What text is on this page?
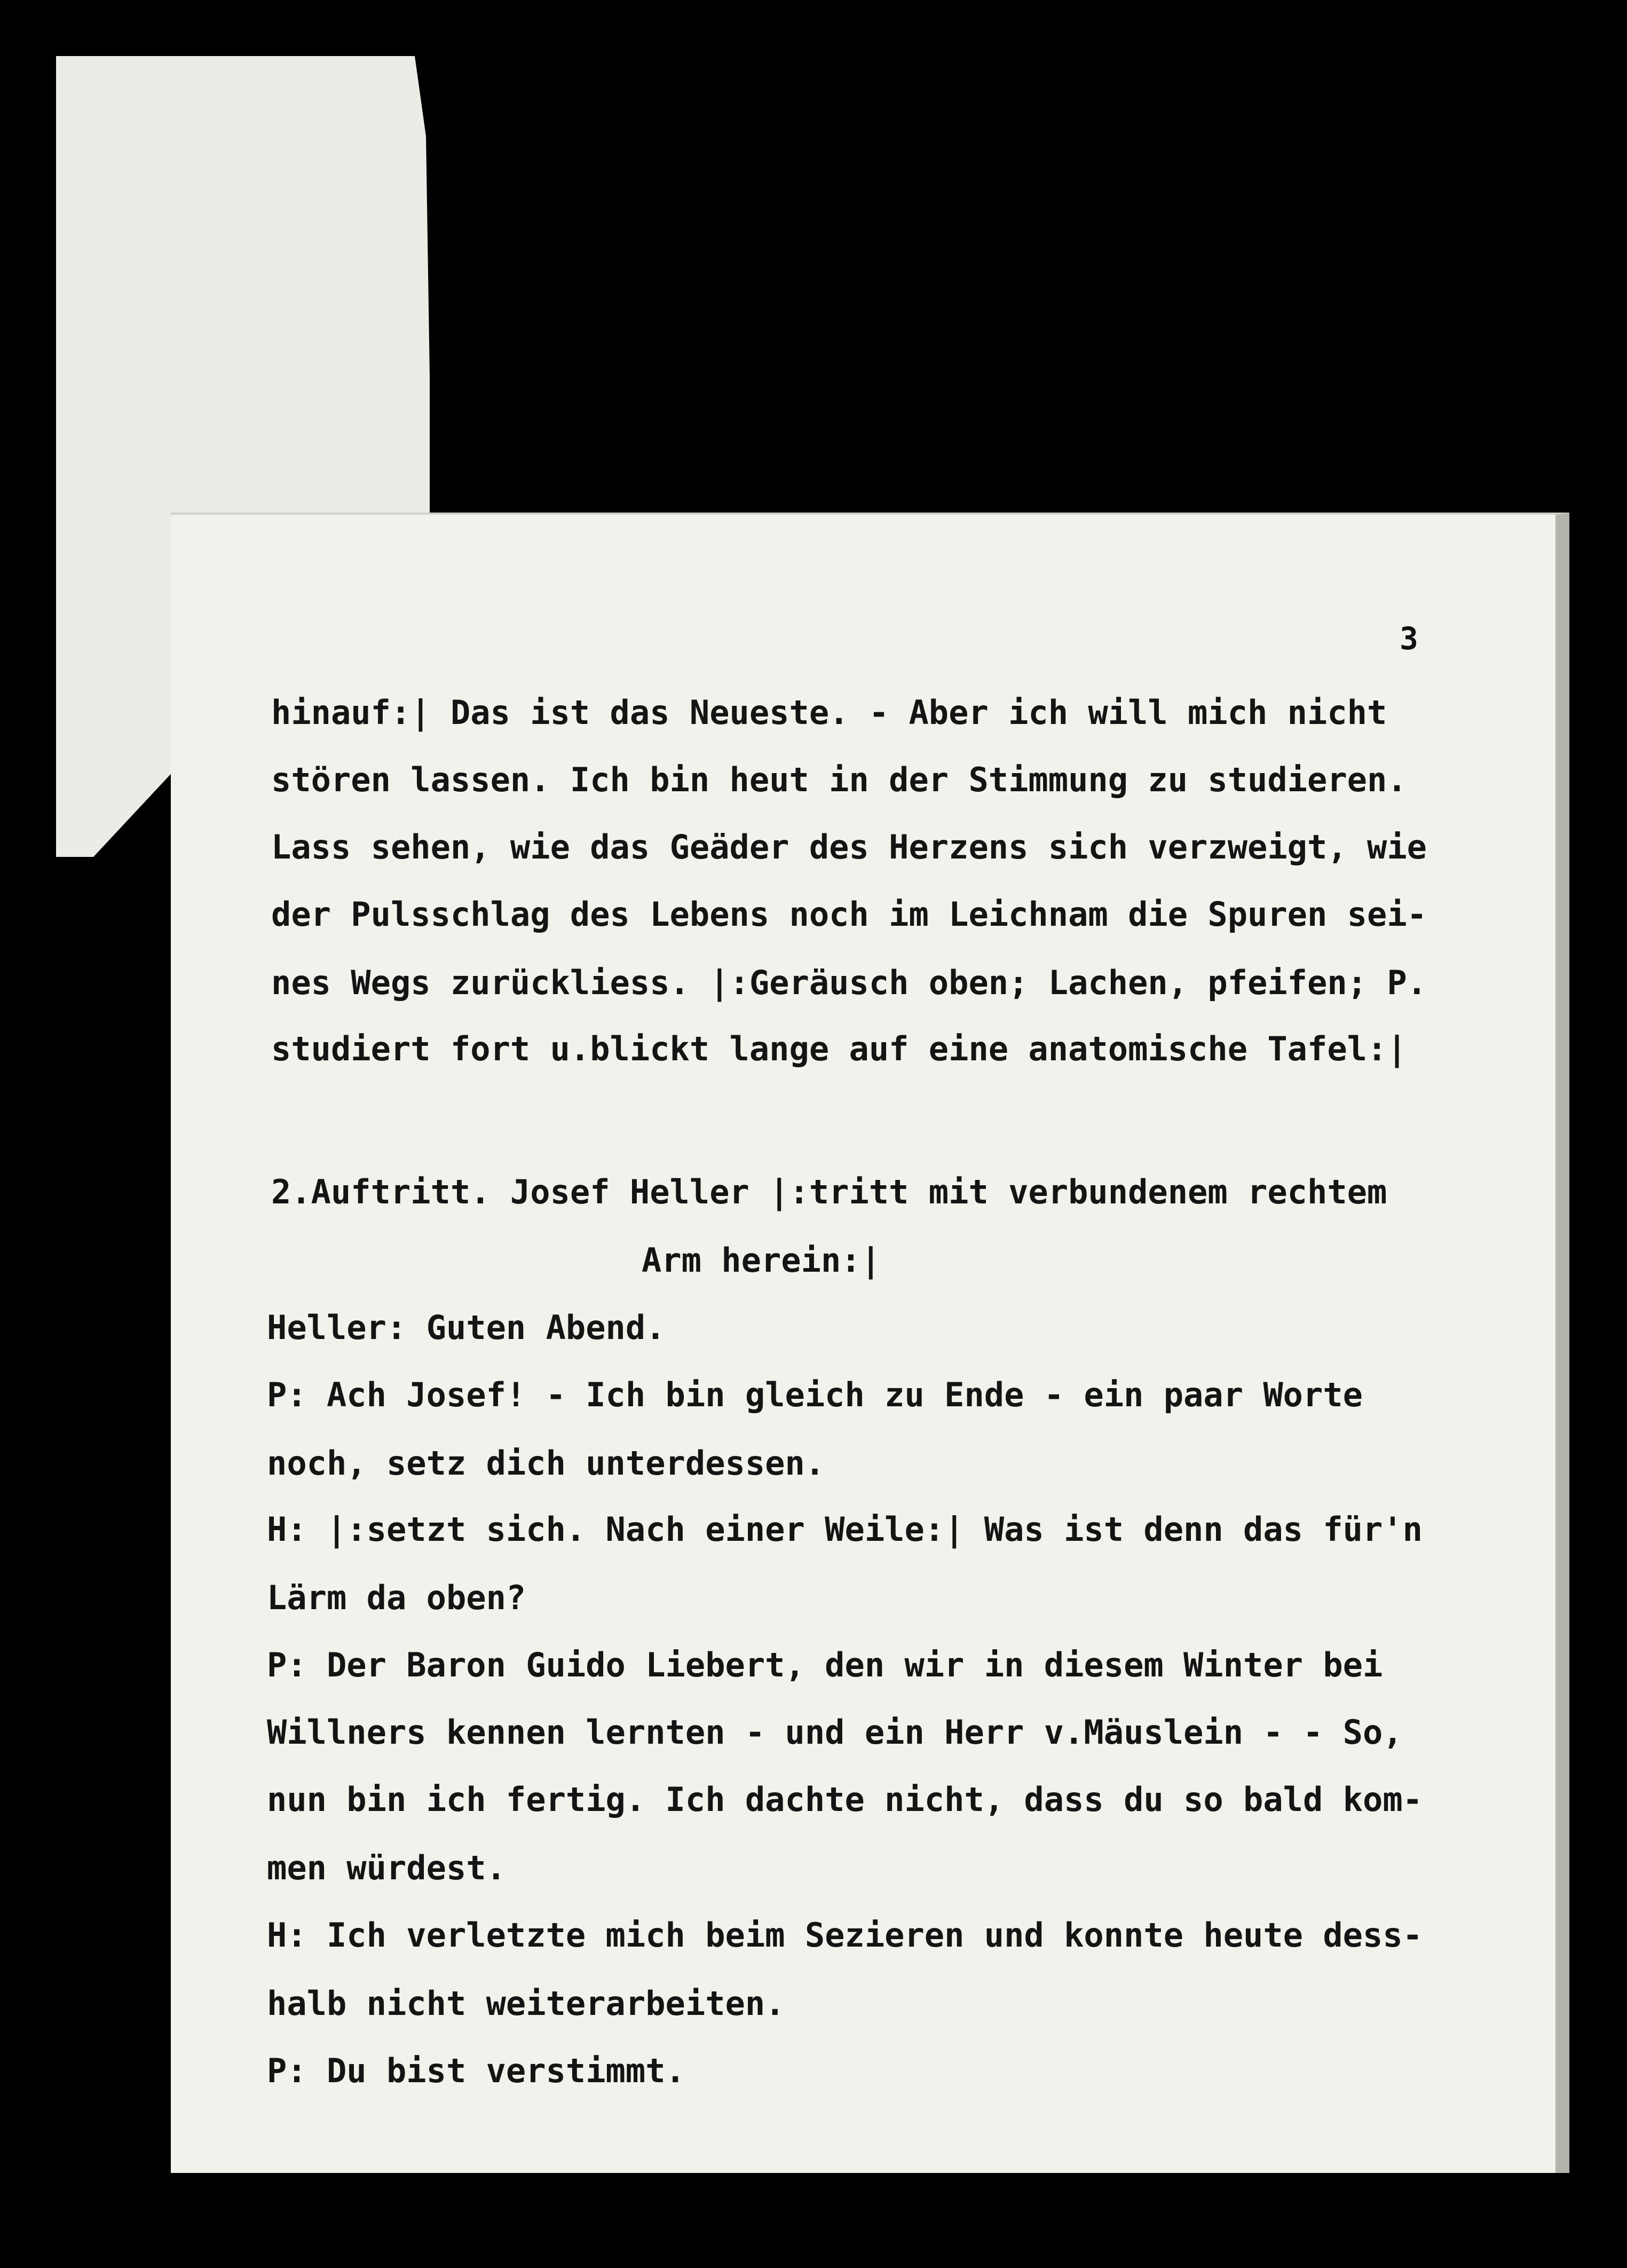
3
hinauf:| Das ist das Neueste. - Aber ich will mich nicht
stören lassen. Ich bin heut in der Stimmung zu studieren.
Lass sehen, wie das Geäder des Herzens sich verzweigt, wie
der Pulsschlag des Lebens noch im Leichnam die Spuren sei-
nes Wegs zurückliess. |:Geräusch oben; Lachen, pfeifen; P.
studiert fort u.blickt lange auf eine anatomische Tafel:|
2.Auftritt. Josef Heller |:tritt mit verbundenem rechtem
Arm herein:|
Heller: Guten Abend.
P: Ach Josef! - Ich bin gleich zu Ende - ein paar Worte
noch, setz dich unterdessen.
H: |:setzt sich. Nach einer Weile:| Was ist denn das für'n
Lärm da oben?
P: Der Baron Guido Liebert, den wir in diesem Winter bei
Willners kennen lernten - und ein Herr v.Mäuslein - - So,
nun bin ich fertig. Ich dachte nicht, dass du so bald kom-
men würdest.
H: Ich verletzte mich beim Sezieren und konnte heute dess-
halb nicht weiterarbeiten.
P: Du bist verstimmt.
